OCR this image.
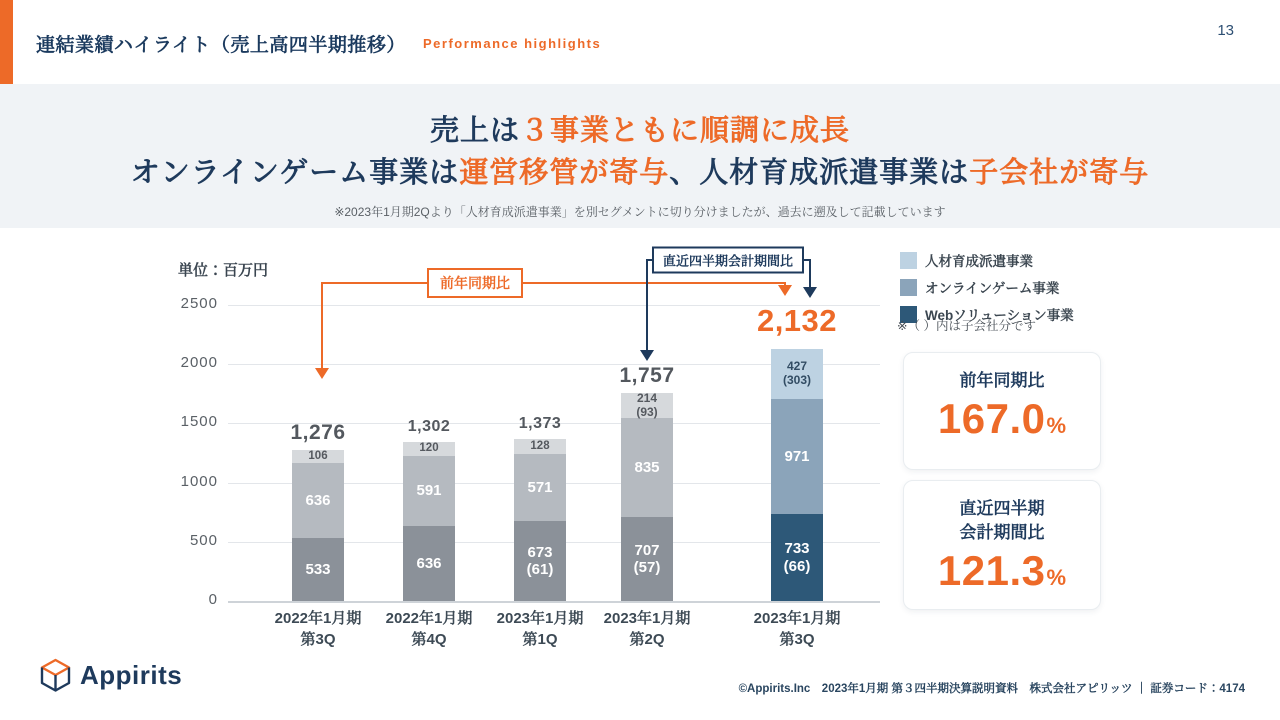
連結業績ハイライト（売上高四半期推移） Performance highlights
13
売上は３事業ともに順調に成長
オンラインゲーム事業は運営移管が寄与、人材育成派遣事業は子会社が寄与
※2023年1月期2Qより「人材育成派遣事業」を別セグメントに切り分けましたが、過去に遡及して記載しています
単位：百万円
0
500
1000
1500
2000
2500
533
636
106
1,276
2022年1月期
第3Q
636
591
120
1,302
2022年1月期
第4Q
673
(61)
571
128
1,373
2023年1月期
第1Q
707
(57)
835
214
(93)
1,757
2023年1月期
第2Q
733
(66)
971
427
(303)
2,132
2023年1月期
第3Q
前年同期比
直近四半期会計期間比	人材育成派遣事業
オンラインゲーム事業
Webソリューション事業
※（ ）内は子会社分です
前年同期比
167.0%
直近四半期
会計期間比
121.3%
Appirits	©Appirits.Inc　2023年1月期 第３四半期決算説明資料　株式会社アピリッツ ｜ 証券コード：4174
